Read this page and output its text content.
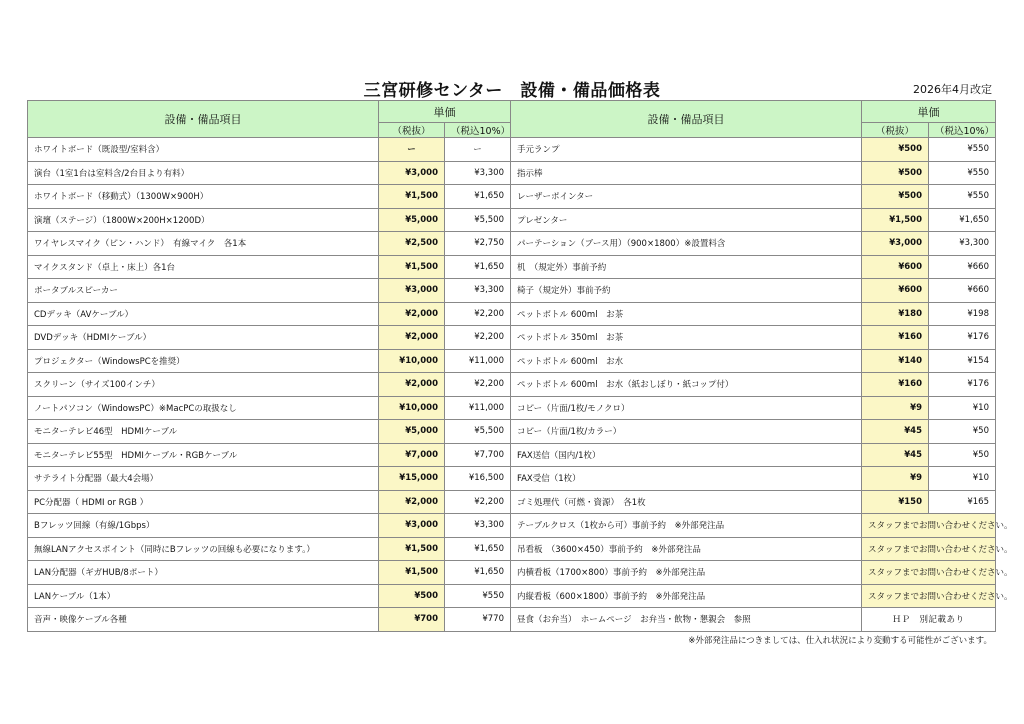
三宮研修センター　設備・備品価格表	2026年4月改定
設備・備品項目	単価		設備・備品項目	単価	
	（税抜）	（税込10%）		（税抜）	（税込10%）
ホワイトボード（既設型/室料含）	ー	ー	手元ランプ	¥500	¥550
演台（1室1台は室料含/2台目より有料）	¥3,000	¥3,300	指示棒	¥500	¥550
ホワイトボード（移動式）（1300W×900H）	¥1,500	¥1,650	レーザーポインター	¥500	¥550
演壇（ステージ）（1800W×200H×1200D）	¥5,000	¥5,500	プレゼンター	¥1,500	¥1,650
ワイヤレスマイク（ピン・ハンド）　有線マイク　各1本	¥2,500	¥2,750	パーテーション（ブース用）（900×1800）※設置料含	¥3,000	¥3,300
マイクスタンド（卓上・床上）各1台	¥1,500	¥1,650	机　（規定外）事前予約	¥600	¥660
ポータブルスピーカー	¥3,000	¥3,300	椅子（規定外）事前予約	¥600	¥660
CDデッキ（AVケーブル）	¥2,000	¥2,200	ペットボトル 600ml　お茶	¥180	¥198
DVDデッキ（HDMIケーブル）	¥2,000	¥2,200	ペットボトル 350ml　お茶	¥160	¥176
プロジェクター（WindowsPCを推奨）	¥10,000	¥11,000	ペットボトル 600ml　お水	¥140	¥154
スクリーン（サイズ100インチ）	¥2,000	¥2,200	ペットボトル 600ml　お水（紙おしぼり・紙コップ付）	¥160	¥176
ノートパソコン（WindowsPC）※MacPCの取扱なし	¥10,000	¥11,000	コピー（片面/1枚/モノクロ）	¥9	¥10
モニターテレビ46型　HDMIケーブル	¥5,000	¥5,500	コピー（片面/1枚/カラー）	¥45	¥50
モニターテレビ55型　HDMIケーブル・RGBケーブル	¥7,000	¥7,700	FAX送信（国内/1枚）	¥45	¥50
サテライト分配器（最大4会場）	¥15,000	¥16,500	FAX受信（1枚）	¥9	¥10
PC分配器（ HDMI or RGB ）	¥2,000	¥2,200	ゴミ処理代（可燃・資源）　各1枚	¥150	¥165
Bフレッツ回線（有線/1Gbps）	¥3,000	¥3,300	テーブルクロス（1枚から可）事前予約　※外部発注品	スタッフまでお問い合わせください。	
無線LANアクセスポイント（同時にBフレッツの回線も必要になります。）	¥1,500	¥1,650	吊看板　（3600×450）事前予約　※外部発注品	スタッフまでお問い合わせください。	
LAN分配器（ギガHUB/8ポート）	¥1,500	¥1,650	内横看板（1700×800）事前予約　※外部発注品	スタッフまでお問い合わせください。	
LANケーブル（1本）	¥500	¥550	内縦看板（600×1800）事前予約　※外部発注品	スタッフまでお問い合わせください。	
音声・映像ケーブル各種	¥700	¥770	昼食（お弁当）　ホームページ　お弁当・飲物・懇親会　参照	ＨＰ　別記載あり	
※外部発注品につきましては、仕入れ状況により変動する可能性がございます。
